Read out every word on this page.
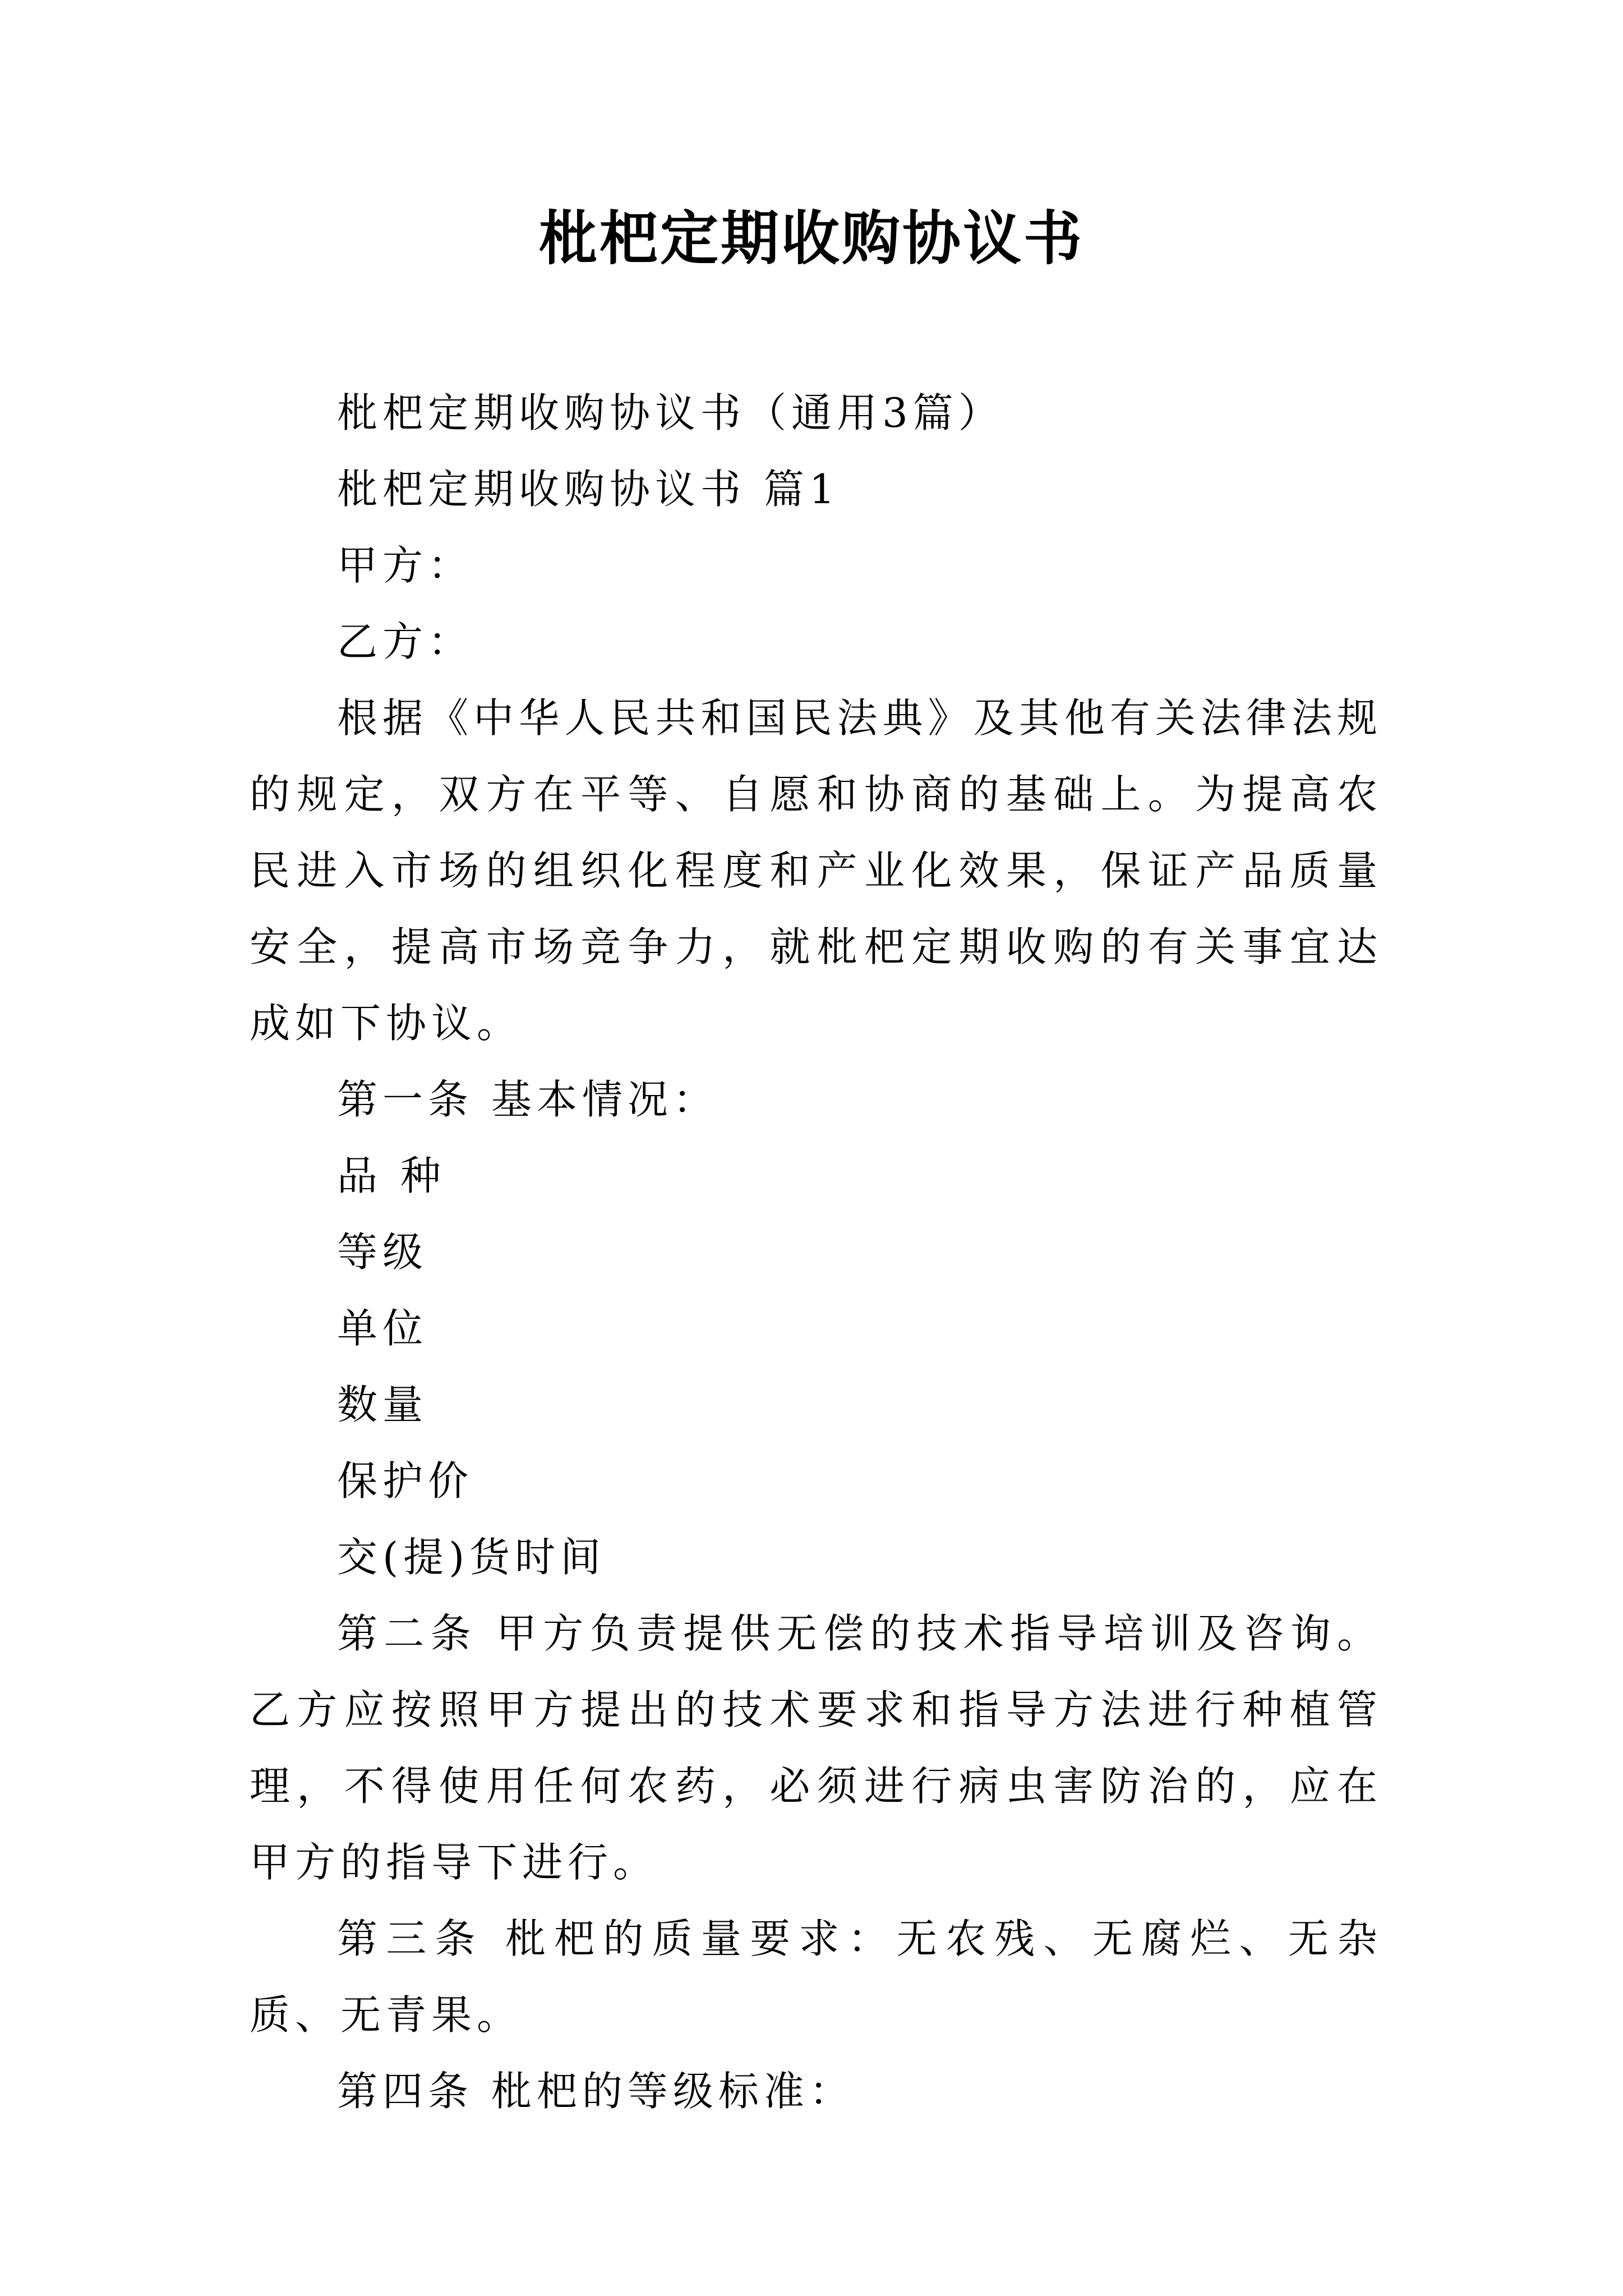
枇杷定期收购协议书

枇杷定期收购协议书（通用3篇）

枇杷定期收购协议书 篇1

甲方：

乙方：

根据《中华人民共和国民法典》及其他有关法律法规的规定，双方在平等、自愿和协商的基础上。为提高农民进入市场的组织化程度和产业化效果，保证产品质量安全，提高市场竞争力，就枇杷定期收购的有关事宜达成如下协议。

第一条 基本情况：

品 种

等级

单位

数量

保护价

交(提)货时间

第二条 甲方负责提供无偿的技术指导培训及咨询。乙方应按照甲方提出的技术要求和指导方法进行种植管理，不得使用任何农药，必须进行病虫害防治的，应在甲方的指导下进行。

第三条 枇杷的质量要求：无农残、无腐烂、无杂质、无青果。

第四条 枇杷的等级标准：
